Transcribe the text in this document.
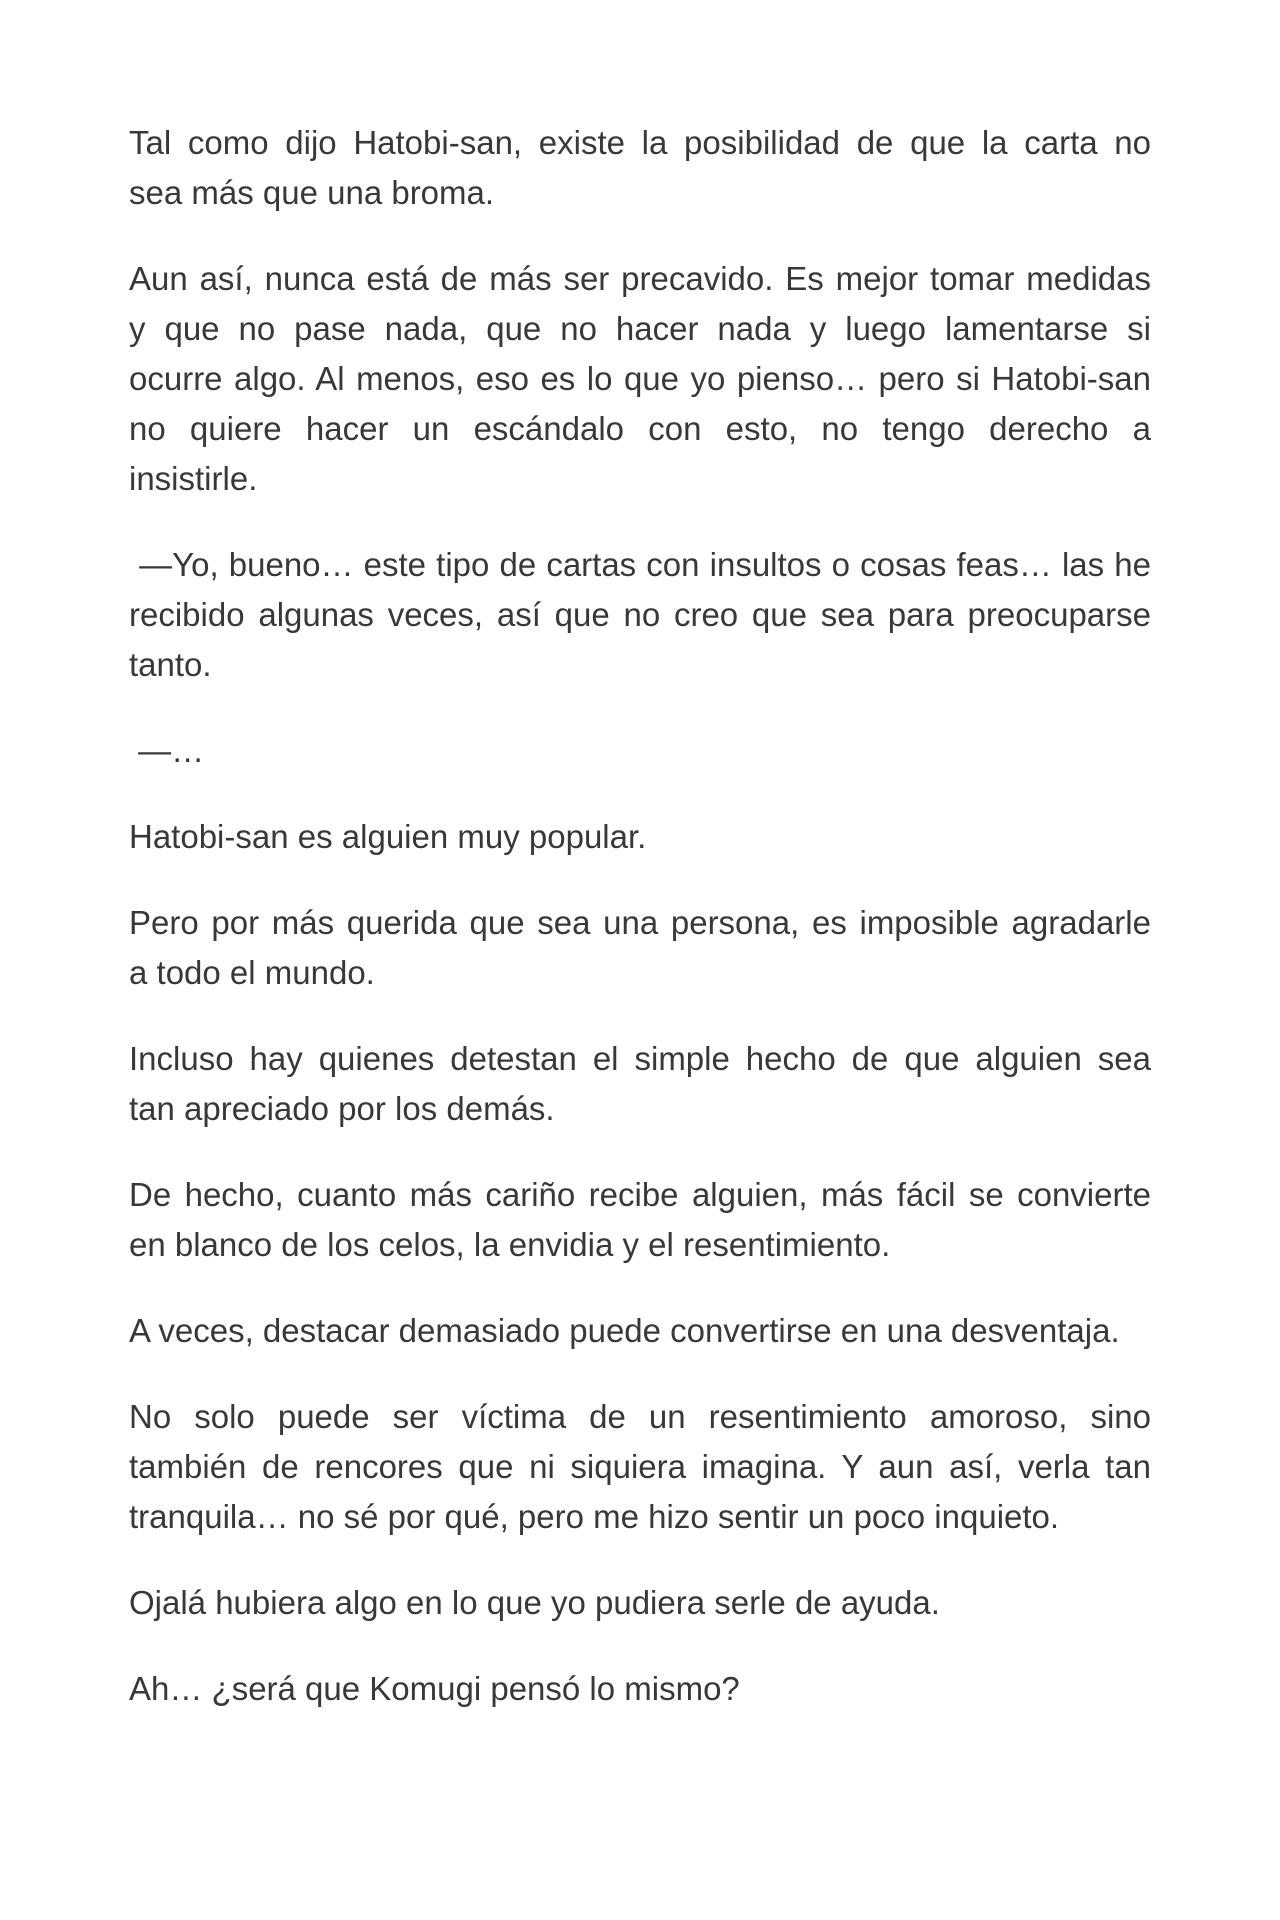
Tal como dijo Hatobi-san, existe la posibilidad de que la carta no
sea más que una broma.
Aun así, nunca está de más ser precavido. Es mejor tomar medidas
y que no pase nada, que no hacer nada y luego lamentarse si
ocurre algo. Al menos, eso es lo que yo pienso… pero si Hatobi-san
no quiere hacer un escándalo con esto, no tengo derecho a
insistirle.
—Yo, bueno… este tipo de cartas con insultos o cosas feas… las he
recibido algunas veces, así que no creo que sea para preocuparse
tanto.
—…
Hatobi-san es alguien muy popular.
Pero por más querida que sea una persona, es imposible agradarle
a todo el mundo.
Incluso hay quienes detestan el simple hecho de que alguien sea
tan apreciado por los demás.
De hecho, cuanto más cariño recibe alguien, más fácil se convierte
en blanco de los celos, la envidia y el resentimiento.
A veces, destacar demasiado puede convertirse en una desventaja.
No solo puede ser víctima de un resentimiento amoroso, sino
también de rencores que ni siquiera imagina. Y aun así, verla tan
tranquila… no sé por qué, pero me hizo sentir un poco inquieto.
Ojalá hubiera algo en lo que yo pudiera serle de ayuda.
Ah… ¿será que Komugi pensó lo mismo?
